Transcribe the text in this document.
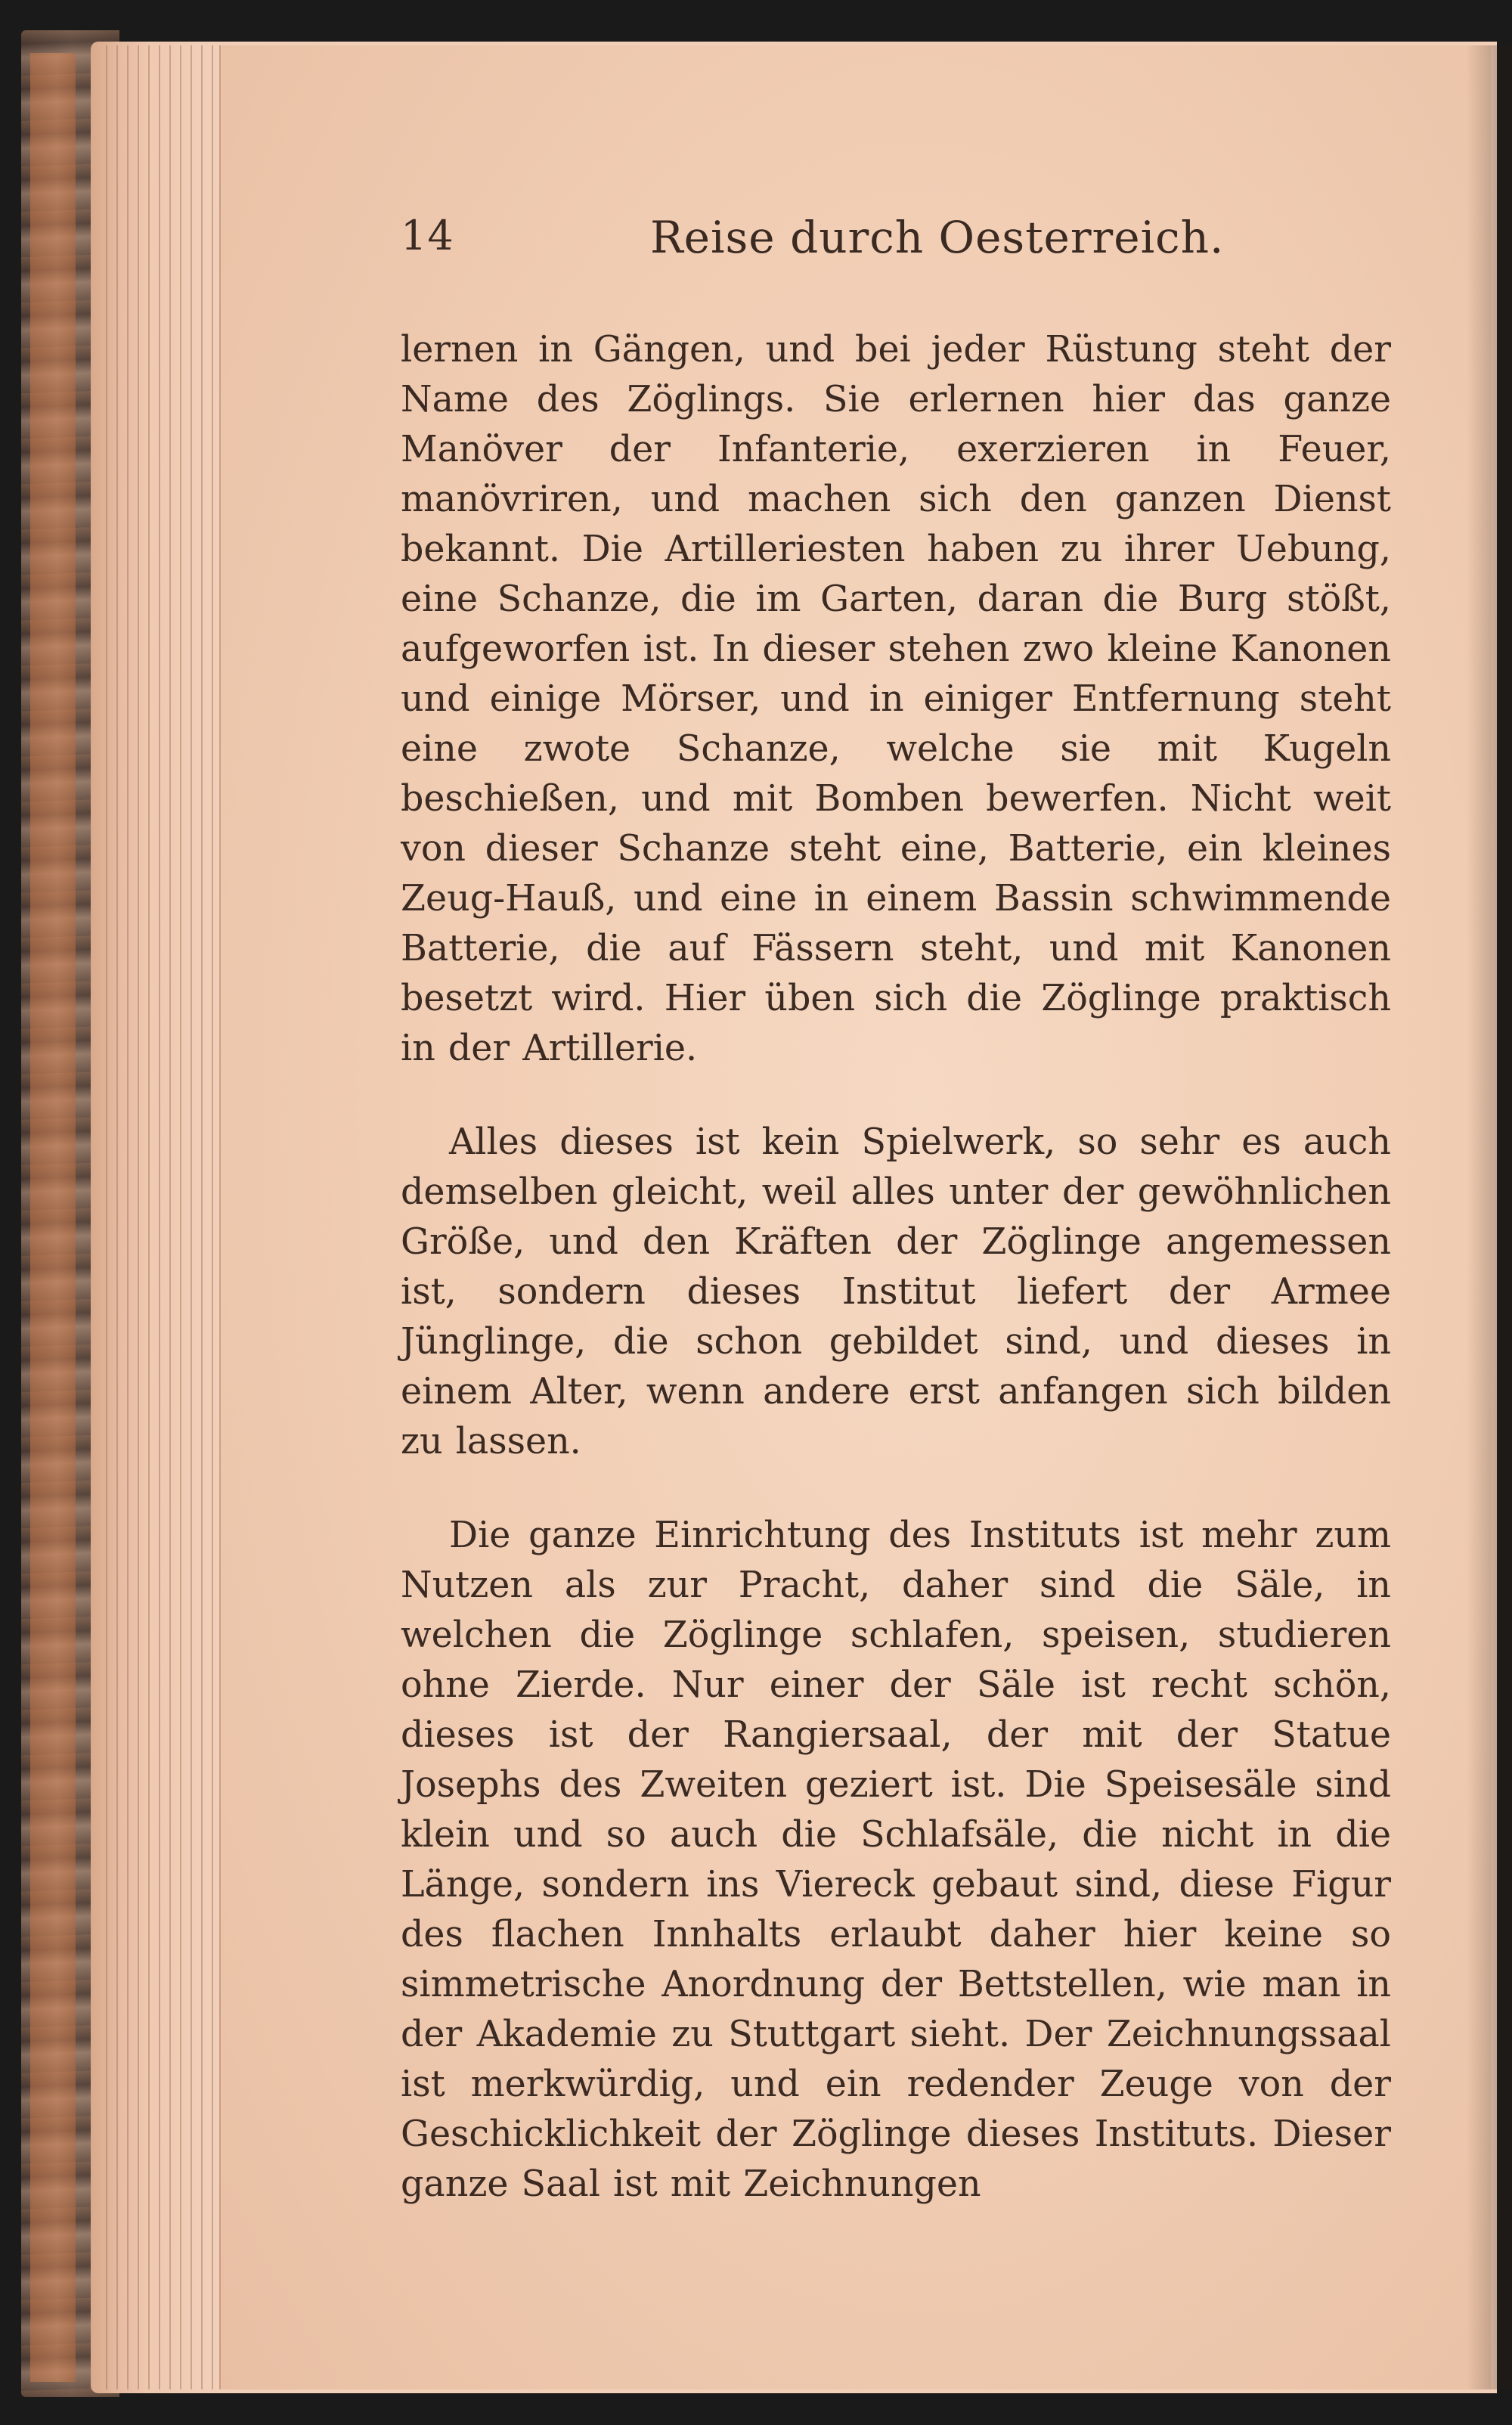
14	Reise durch Oesterreich.

lernen in Gängen, und bei jeder Rüstung steht der Name des Zöglings. Sie erlernen hier das ganze Manöver der Infanterie, exerzieren in Feuer, manövriren, und machen sich den ganzen Dienst bekannt. Die Artilleriesten haben zu ihrer Uebung, eine Schanze, die im Garten, daran die Burg stößt, aufgeworfen ist. In dieser stehen zwo kleine Kanonen und einige Mörser, und in einiger Entfernung steht eine zwote Schanze, welche sie mit Kugeln beschießen, und mit Bomben bewerfen. Nicht weit von dieser Schanze steht eine, Batterie, ein kleines Zeug-Hauß, und eine in einem Bassin schwimmende Batterie, die auf Fässern steht, und mit Kanonen besetzt wird. Hier üben sich die Zöglinge praktisch in der Artillerie.

Alles dieses ist kein Spielwerk, so sehr es auch demselben gleicht, weil alles unter der gewöhnlichen Größe, und den Kräften der Zöglinge angemessen ist, sondern dieses Institut liefert der Armee Jünglinge, die schon gebildet sind, und dieses in einem Alter, wenn andere erst anfangen sich bilden zu lassen.

Die ganze Einrichtung des Instituts ist mehr zum Nutzen als zur Pracht, daher sind die Säle, in welchen die Zöglinge schlafen, speisen, studieren ohne Zierde. Nur einer der Säle ist recht schön, dieses ist der Rangiersaal, der mit der Statue Josephs des Zweiten geziert ist. Die Speisesäle sind klein und so auch die Schlafsäle, die nicht in die Länge, sondern ins Viereck gebaut sind, diese Figur des flachen Innhalts erlaubt daher hier keine so simmetrische Anordnung der Bettstellen, wie man in der Akademie zu Stuttgart sieht. Der Zeichnungssaal ist merkwürdig, und ein redender Zeuge von der Geschicklichkeit der Zöglinge dieses Instituts. Dieser ganze Saal ist mit Zeichnungen
